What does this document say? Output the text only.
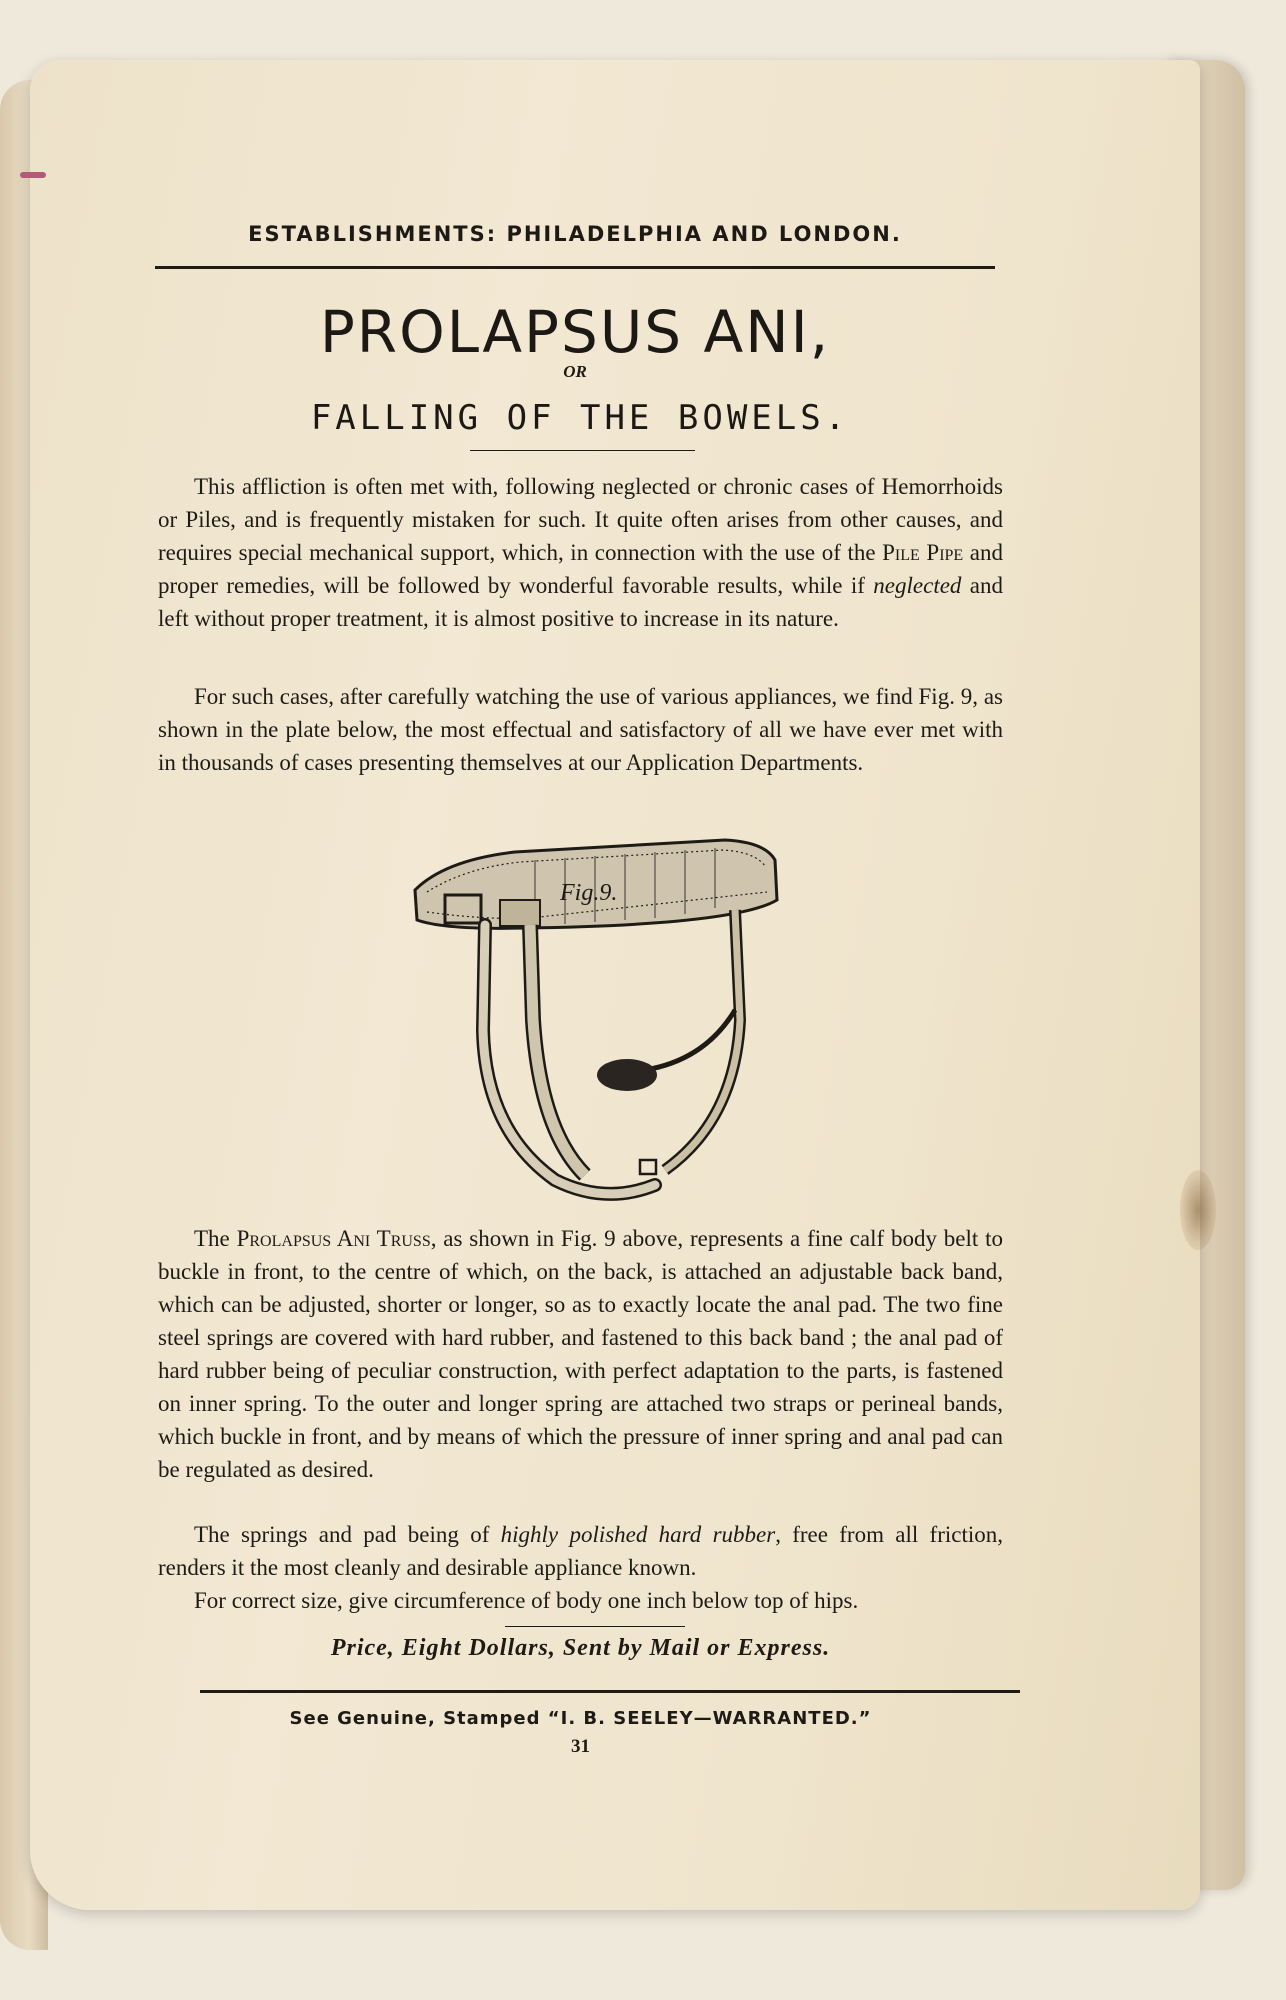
ESTABLISHMENTS: PHILADELPHIA AND LONDON.
PROLAPSUS ANI,
OR
FALLING OF THE BOWELS.
This affliction is often met with, following neglected or chronic cases of Hemorrhoids or Piles, and is frequently mistaken for such. It quite often arises from other causes, and requires special mechanical support, which, in connection with the use of the Pile Pipe and proper remedies, will be followed by wonderful favorable results, while if neglected and left without proper treatment, it is almost positive to increase in its nature.
For such cases, after carefully watching the use of various appliances, we find Fig. 9, as shown in the plate below, the most effectual and satisfactory of all we have ever met with in thousands of cases presenting themselves at our Application Departments.
Fig.9.
The Prolapsus Ani Truss, as shown in Fig. 9 above, represents a fine calf body belt to buckle in front, to the centre of which, on the back, is attached an adjustable back band, which can be adjusted, shorter or longer, so as to exactly locate the anal pad. The two fine steel springs are covered with hard rubber, and fastened to this back band ; the anal pad of hard rubber being of peculiar construction, with perfect adaptation to the parts, is fastened on inner spring. To the outer and longer spring are attached two straps or perineal bands, which buckle in front, and by means of which the pressure of inner spring and anal pad can be regulated as desired.
The springs and pad being of highly polished hard rubber, free from all friction, renders it the most cleanly and desirable appliance known.
For correct size, give circumference of body one inch below top of hips.
Price, Eight Dollars, Sent by Mail or Express.
See Genuine, Stamped “I. B. SEELEY—WARRANTED.”
31
